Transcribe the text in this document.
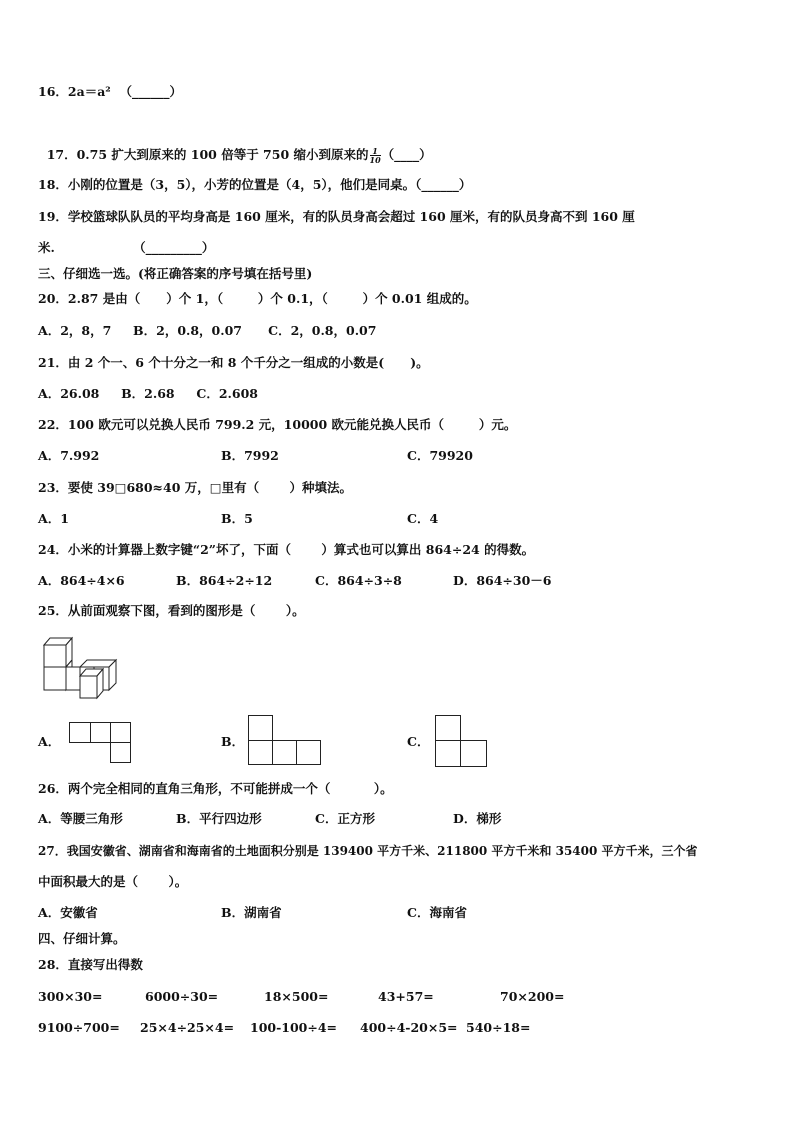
16．2a＝a²  （______）

17．0.75 扩大到原来的 100 倍等于 750 缩小到原来的 $\frac{1}{10}$ （____）

18．小刚的位置是（3，5），小芳的位置是（4，5），他们是同桌。（______）
19．学校篮球队队员的平均身高是 160 厘米，有的队员身高会超过 160 厘米，有的队员身高不到 160 厘
米.                  （_________）
三、仔细选一选。(将正确答案的序号填在括号里)
20．2.87 是由（      ）个 1，（        ）个 0.1，（        ）个 0.01 组成的。
A．2，8，7     B．2，0.8，0.07      C．2，0.8，0.07
21．由 2 个一、6 个十分之一和 8 个千分之一组成的小数是(      )。
A．26.08     B．2.68     C．2.608
22．100 欧元可以兑换人民币 799.2 元，10000 欧元能兑换人民币（        ）元。
A．7.992	B．7992	C．79920
23．要使 39□680≈40 万，□里有（       ）种填法。
A．1	B．5	C．4
24．小米的计算器上数字键“2”坏了，下面（       ）算式也可以算出 864÷24 的得数。
A．864÷4×6	B．864÷2÷12	C．864÷3÷8	D．864÷30－6
25．从前面观察下图，看到的图形是（       ）。
A．	B．	C．
26．两个完全相同的直角三角形，不可能拼成一个（          ）。
A．等腰三角形	B．平行四边形	C．正方形	D．梯形
27．我国安徽省、湖南省和海南省的土地面积分别是 139400 平方千米、211800 平方千米和 35400 平方千米，三个省
中面积最大的是（       ）。
A．安徽省	B．湖南省	C．海南省
四、仔细计算。
28．直接写出得数
300×30=	6000÷30=	18×500=	43+57=	70×200=
9100÷700= 25×4÷25×4= 100-100÷4= 400÷4-20×5= 540÷18=
